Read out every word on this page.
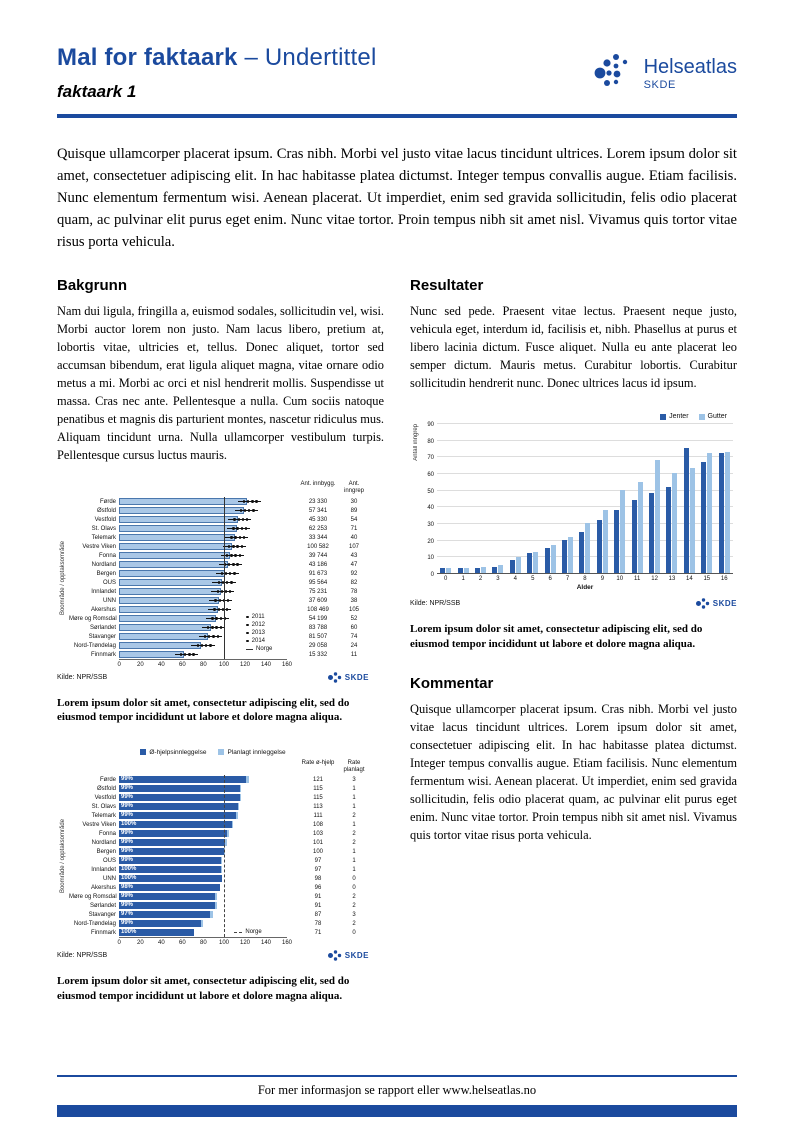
Mal for faktaark – Undertittel
faktaark 1
Helseatlas
SKDE

Quisque ullamcorper placerat ipsum. Cras nibh. Morbi vel justo vitae lacus tincidunt ultrices. Lorem ipsum dolor sit amet, consectetuer adipiscing elit. In hac habitasse platea dictumst. Integer tempus convallis augue. Etiam facilisis. Nunc elementum fermentum wisi. Aenean placerat. Ut imperdiet, enim sed gravida sollicitudin, felis odio placerat quam, ac pulvinar elit purus eget enim. Nunc vitae tortor. Proin tempus nibh sit amet nisl. Vivamus quis tortor vitae risus porta vehicula.

Bakgrunn

Nam dui ligula, fringilla a, euismod sodales, sollicitudin vel, wisi. Morbi auctor lorem non justo. Nam lacus libero, pretium at, lobortis vitae, ultricies et, tellus. Donec aliquet, tortor sed accumsan bibendum, erat ligula aliquet magna, vitae ornare odio metus a mi. Morbi ac orci et nisl hendrerit mollis. Suspendisse ut massa. Cras nec ante. Pellentesque a nulla. Cum sociis natoque penatibus et magnis dis parturient montes, nascetur ridiculus mus. Aliquam tincidunt urna. Nulla ullamcorper vestibulum turpis. Pellentesque cursus luctus mauris.

Ant. innbygg.	Ant. inngrep
Boområde / opptaksområde
Førde	23 330	30
Østfold	57 341	89
Vestfold	45 330	54
St. Olavs	62 253	71
Telemark	33 344	40
Vestre Viken	100 582	107
Fonna	39 744	43
Nordland	43 186	47
Bergen	91 673	92
OUS	95 564	82
Innlandet	75 231	78
UNN	37 609	38
Akershus	108 469	105
Møre og Romsdal	54 199	52
Sørlandet	83 788	60
Stavanger	81 507	74
Nord-Trøndelag	29 058	24
Finnmark	15 332	11
2011
2012
2013
2014
Norge
0	20 40 60 80 100 120 140 160
Kilde: NPR/SSB	SKDE

Lorem ipsum dolor sit amet, consectetur adipiscing elit, sed do eiusmod tempor incididunt ut labore et dolore magna aliqua.

Ø-hjelpsinnleggelse	Planlagt innleggelse
Rate ø-hjelp	Rate planlagt
Boområde / opptaksområde
Førde 99%	121	3
Østfold 99%	115	1
Vestfold 99%	115	1
St. Olavs 99%	113	1
Telemark 99%	111	2
Vestre Viken 100%	108	1
Fonna 99%	103	2
Nordland 99%	101	2
Bergen 99%	100	1
OUS 99%	97	1
Innlandet 100%	97	1
UNN 100%	98	0
Akershus 98%	96	0
Møre og Romsdal 99%	91	2
Sørlandet 99%	91	2
Stavanger 97%	87	3
Nord-Trøndelag 99%	78	2
Finnmark 100%	71	0
Norge
0	20 40 60 80 100 120 140 160
Kilde: NPR/SSB	SKDE

Lorem ipsum dolor sit amet, consectetur adipiscing elit, sed do eiusmod tempor incididunt ut labore et dolore magna aliqua.

Resultater

Nunc sed pede. Praesent vitae lectus. Praesent neque justo, vehicula eget, interdum id, facilisis et, nibh. Phasellus at purus et libero lacinia dictum. Fusce aliquet. Nulla eu ante placerat leo semper dictum. Mauris metus. Curabitur lobortis. Curabitur sollicitudin hendrerit nunc. Donec ultrices lacus id ipsum.

Jenter	Gutter
Antall inngrep
0
10
20
30
40
50
60
70
80
90
0	1	2	3	4	5	6	7	8	9	10	11	12	13	14	15	16
Alder
Kilde: NPR/SSB	SKDE

Lorem ipsum dolor sit amet, consectetur adipiscing elit, sed do eiusmod tempor incididunt ut labore et dolore magna aliqua.

Kommentar

Quisque ullamcorper placerat ipsum. Cras nibh. Morbi vel justo vitae lacus tincidunt ultrices. Lorem ipsum dolor sit amet, consectetuer adipiscing elit. In hac habitasse platea dictumst. Integer tempus convallis augue. Etiam facilisis. Nunc elementum fermentum wisi. Aenean placerat. Ut imperdiet, enim sed gravida sollicitudin, felis odio placerat quam, ac pulvinar elit purus eget enim. Nunc vitae tortor. Proin tempus nibh sit amet nisl. Vivamus quis tortor vitae risus porta vehicula.

For mer informasjon se rapport eller www.helseatlas.no
